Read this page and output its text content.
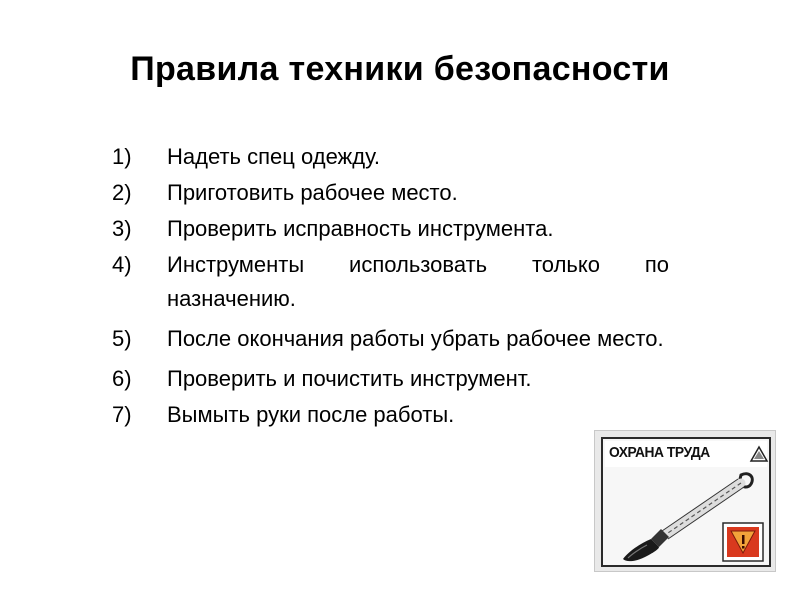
Правила техники безопасности
1) Надеть спец одежду.
2) Приготовить рабочее место.
3) Проверить исправность инструмента.
4) Инструменты использовать только по назначению.
5) После окончания работы убрать рабочее место.
6) Проверить и почистить инструмент.
7) Вымыть руки после работы.
ОХРАНА ТРУДА
